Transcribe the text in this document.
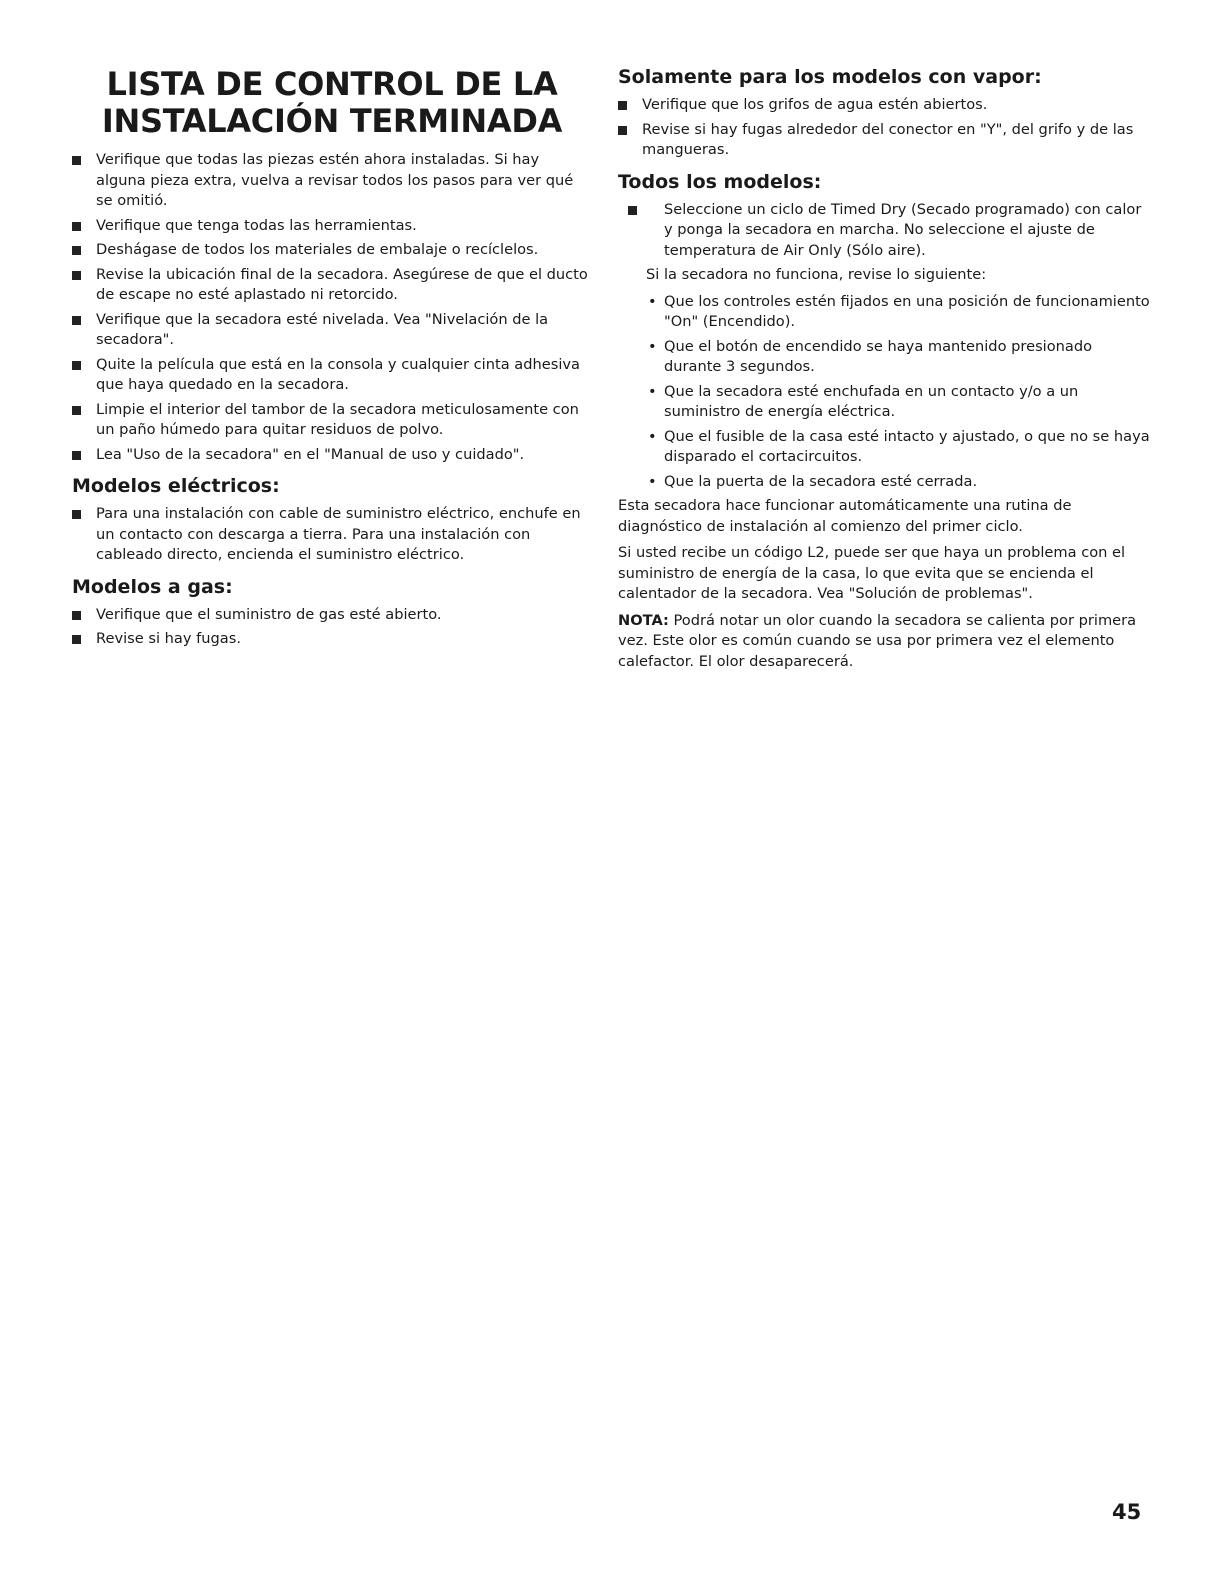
LISTA DE CONTROL DE LA
INSTALACIÓN TERMINADA
Verifique que todas las piezas estén ahora instaladas. Si hay alguna pieza extra, vuelva a revisar todos los pasos para ver qué se omitió.
Verifique que tenga todas las herramientas.
Deshágase de todos los materiales de embalaje o recíclelos.
Revise la ubicación final de la secadora. Asegúrese de que el ducto de escape no esté aplastado ni retorcido.
Verifique que la secadora esté nivelada. Vea "Nivelación de la secadora".
Quite la película que está en la consola y cualquier cinta adhesiva que haya quedado en la secadora.
Limpie el interior del tambor de la secadora meticulosamente con un paño húmedo para quitar residuos de polvo.
Lea "Uso de la secadora" en el "Manual de uso y cuidado".
Modelos eléctricos:
Para una instalación con cable de suministro eléctrico, enchufe en un contacto con descarga a tierra. Para una instalación con cableado directo, encienda el suministro eléctrico.
Modelos a gas:
Verifique que el suministro de gas esté abierto.
Revise si hay fugas.
Solamente para los modelos con vapor:
Verifique que los grifos de agua estén abiertos.
Revise si hay fugas alrededor del conector en "Y", del grifo y de las mangueras.
Todos los modelos:
Seleccione un ciclo de Timed Dry (Secado programado) con calor y ponga la secadora en marcha. No seleccione el ajuste de temperatura de Air Only (Sólo aire).

Si la secadora no funciona, revise lo siguiente:

• Que los controles estén fijados en una posición de funcionamiento "On" (Encendido).
• Que el botón de encendido se haya mantenido presionado durante 3 segundos.
• Que la secadora esté enchufada en un contacto y/o a un suministro de energía eléctrica.
• Que el fusible de la casa esté intacto y ajustado, o que no se haya disparado el cortacircuitos.
• Que la puerta de la secadora esté cerrada.

Esta secadora hace funcionar automáticamente una rutina de diagnóstico de instalación al comienzo del primer ciclo.

Si usted recibe un código L2, puede ser que haya un problema con el suministro de energía de la casa, lo que evita que se encienda el calentador de la secadora. Vea "Solución de problemas".

NOTA: Podrá notar un olor cuando la secadora se calienta por primera vez. Este olor es común cuando se usa por primera vez el elemento calefactor. El olor desaparecerá.

45
